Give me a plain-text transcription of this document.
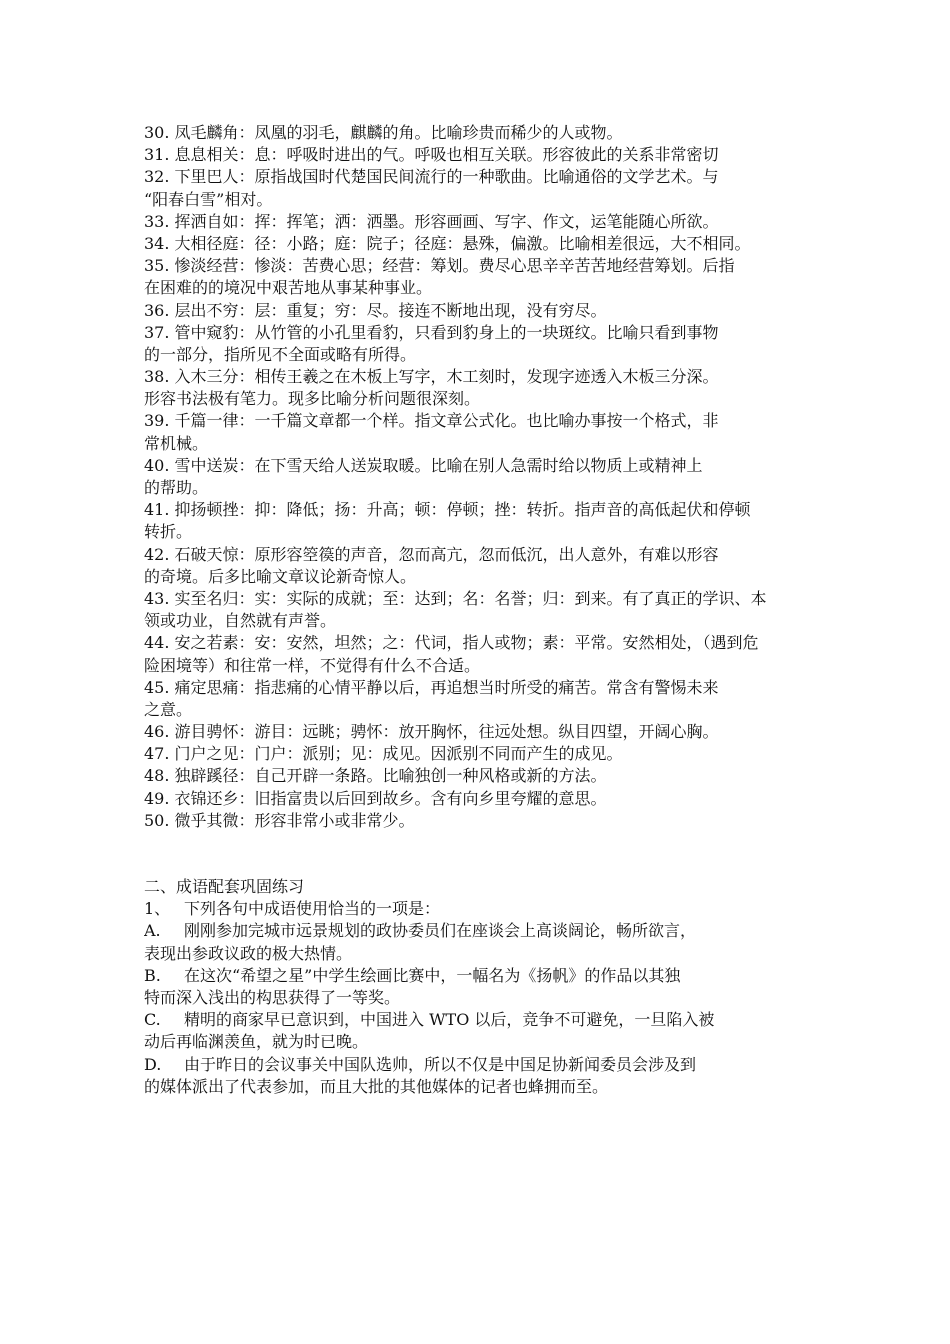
30. 凤毛麟角：凤凰的羽毛，麒麟的角。比喻珍贵而稀少的人或物。
31. 息息相关：息：呼吸时进出的气。呼吸也相互关联。形容彼此的关系非常密切
32. 下里巴人：原指战国时代楚国民间流行的一种歌曲。比喻通俗的文学艺术。与
“阳春白雪”相对。
33. 挥洒自如：挥：挥笔；洒：洒墨。形容画画、写字、作文，运笔能随心所欲。
34. 大相径庭：径：小路；庭：院子；径庭：悬殊，偏激。比喻相差很远，大不相同。
35. 惨淡经营：惨淡：苦费心思；经营：筹划。费尽心思辛辛苦苦地经营筹划。后指
在困难的的境况中艰苦地从事某种事业。
36. 层出不穷：层：重复；穷：尽。接连不断地出现，没有穷尽。
37. 管中窥豹：从竹管的小孔里看豹，只看到豹身上的一块斑纹。比喻只看到事物
的一部分，指所见不全面或略有所得。
38. 入木三分：相传王羲之在木板上写字，木工刻时，发现字迹透入木板三分深。
形容书法极有笔力。现多比喻分析问题很深刻。
39. 千篇一律：一千篇文章都一个样。指文章公式化。也比喻办事按一个格式，非
常机械。
40. 雪中送炭：在下雪天给人送炭取暖。比喻在别人急需时给以物质上或精神上
的帮助。
41. 抑扬顿挫：抑：降低；扬：升高；顿：停顿；挫：转折。指声音的高低起伏和停顿
转折。
42. 石破天惊：原形容箜篌的声音，忽而高亢，忽而低沉，出人意外，有难以形容
的奇境。后多比喻文章议论新奇惊人。
43. 实至名归：实：实际的成就；至：达到；名：名誉；归：到来。有了真正的学识、本
领或功业，自然就有声誉。
44. 安之若素：安：安然，坦然；之：代词，指人或物；素：平常。安然相处，（遇到危
险困境等）和往常一样，不觉得有什么不合适。
45. 痛定思痛：指悲痛的心情平静以后，再追想当时所受的痛苦。常含有警惕未来
之意。
46. 游目骋怀：游目：远眺；骋怀：放开胸怀，往远处想。纵目四望，开阔心胸。
47. 门户之见：门户：派别；见：成见。因派别不同而产生的成见。
48. 独辟蹊径：自己开辟一条路。比喻独创一种风格或新的方法。
49. 衣锦还乡：旧指富贵以后回到故乡。含有向乡里夸耀的意思。
50. 微乎其微：形容非常小或非常少。
二、成语配套巩固练习
1、 下列各句中成语使用恰当的一项是：
A. 刚刚参加完城市远景规划的政协委员们在座谈会上高谈阔论，畅所欲言，
表现出参政议政的极大热情。
B. 在这次“希望之星”中学生绘画比赛中，一幅名为《扬帆》的作品以其独
特而深入浅出的构思获得了一等奖。
C. 精明的商家早已意识到，中国进入 WTO 以后，竞争不可避免，一旦陷入被
动后再临渊羡鱼，就为时已晚。
D. 由于昨日的会议事关中国队选帅，所以不仅是中国足协新闻委员会涉及到
的媒体派出了代表参加，而且大批的其他媒体的记者也蜂拥而至。
